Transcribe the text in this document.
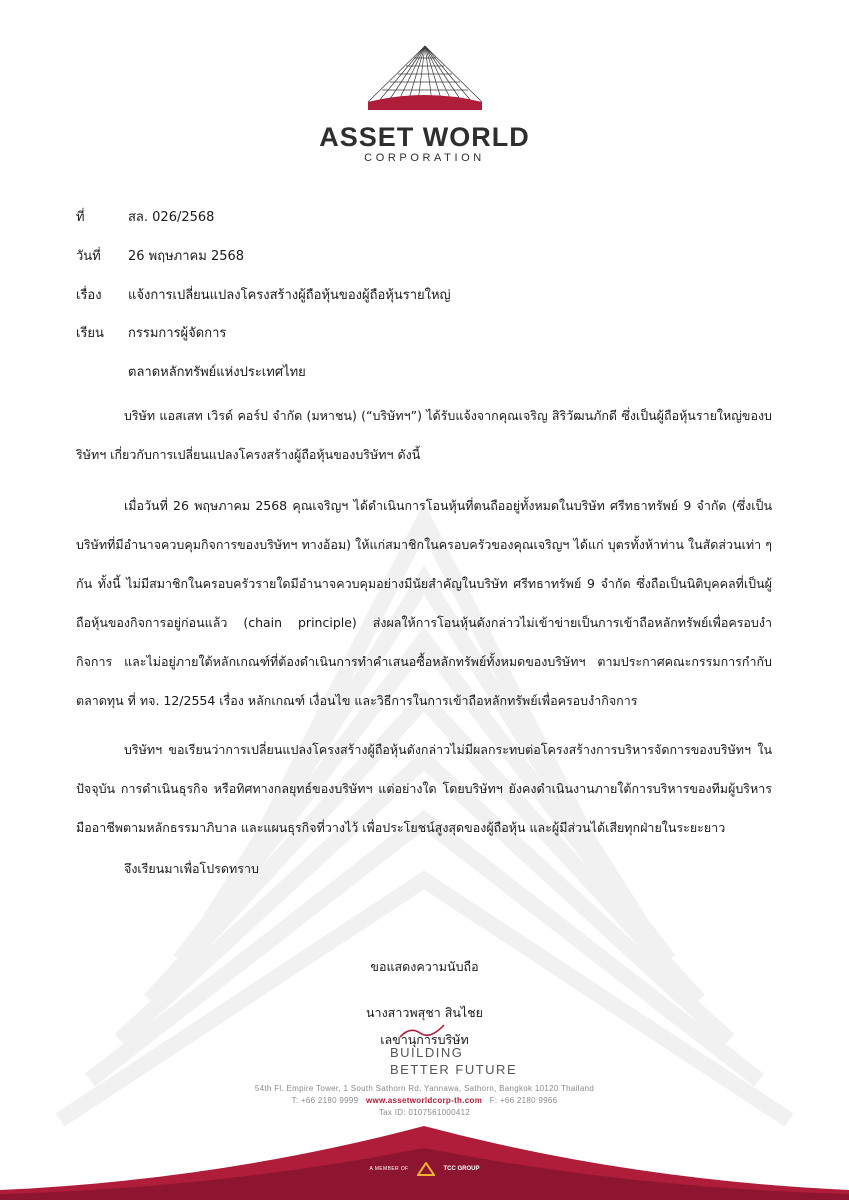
ASSET WORLD
CORPORATION
ที่	สล. 026/2568
วันที่ 26 พฤษภาคม 2568
เรื่อง แจ้งการเปลี่ยนแปลงโครงสร้างผู้ถือหุ้นของผู้ถือหุ้นรายใหญ่
เรียน กรรมการผู้จัดการ
ตลาดหลักทรัพย์แห่งประเทศไทย

บริษัท แอสเสท เวิรด์ คอร์ป จำกัด (มหาชน) (“บริษัทฯ”) ได้รับแจ้งจากคุณเจริญ สิริวัฒนภักดี ซึ่งเป็นผู้ถือหุ้นรายใหญ่ของบริษัทฯ เกี่ยวกับการเปลี่ยนแปลงโครงสร้างผู้ถือหุ้นของบริษัทฯ ดังนี้

เมื่อวันที่ 26 พฤษภาคม 2568 คุณเจริญฯ ได้ดำเนินการโอนหุ้นที่ตนถืออยู่ทั้งหมดในบริษัท ศรีทธาทรัพย์ 9 จำกัด (ซึ่งเป็นบริษัทที่มีอำนาจควบคุมกิจการของบริษัทฯ ทางอ้อม) ให้แก่สมาชิกในครอบครัวของคุณเจริญฯ ได้แก่ บุตรทั้งห้าท่าน ในสัดส่วนเท่า ๆ กัน ทั้งนี้ ไม่มีสมาชิกในครอบครัวรายใดมีอำนาจควบคุมอย่างมีนัยสำคัญในบริษัท ศรีทธาทรัพย์ 9 จำกัด ซึ่งถือเป็นนิติบุคคลที่เป็นผู้ถือหุ้นของกิจการอยู่ก่อนแล้ว (chain principle) ส่งผลให้การโอนหุ้นดังกล่าวไม่เข้าข่ายเป็นการเข้าถือหลักทรัพย์เพื่อครอบงำกิจการ และไม่อยู่ภายใต้หลักเกณฑ์ที่ต้องดำเนินการทำคำเสนอซื้อหลักทรัพย์ทั้งหมดของบริษัทฯ ตามประกาศคณะกรรมการกำกับตลาดทุน ที่ ทจ. 12/2554 เรื่อง หลักเกณฑ์ เงื่อนไข และวิธีการในการเข้าถือหลักทรัพย์เพื่อครอบงำกิจการ

บริษัทฯ ขอเรียนว่าการเปลี่ยนแปลงโครงสร้างผู้ถือหุ้นดังกล่าวไม่มีผลกระทบต่อโครงสร้างการบริหารจัดการของบริษัทฯ ในปัจจุบัน การดำเนินธุรกิจ หรือทิศทางกลยุทธ์ของบริษัทฯ แต่อย่างใด โดยบริษัทฯ ยังคงดำเนินงานภายใต้การบริหารของทีมผู้บริหารมืออาชีพตามหลักธรรมาภิบาล และแผนธุรกิจที่วางไว้ เพื่อประโยชน์สูงสุดของผู้ถือหุ้น และผู้มีส่วนได้เสียทุกฝ่ายในระยะยาว

จึงเรียนมาเพื่อโปรดทราบ
ขอแสดงความนับถือ
นางสาวพสุชา สินไชย
เลขานุการบริษัท
BUILDING
BETTER FUTURE
54th Fl. Empire Tower, 1 South Sathorn Rd, Yannawa, Sathorn, Bangkok 10120 Thailand
T: +66 2180 9999 www.assetworldcorp-th.com F: +66 2180 9966
Tax ID: 0107561000412
A MEMBER OF	TCC GROUP
